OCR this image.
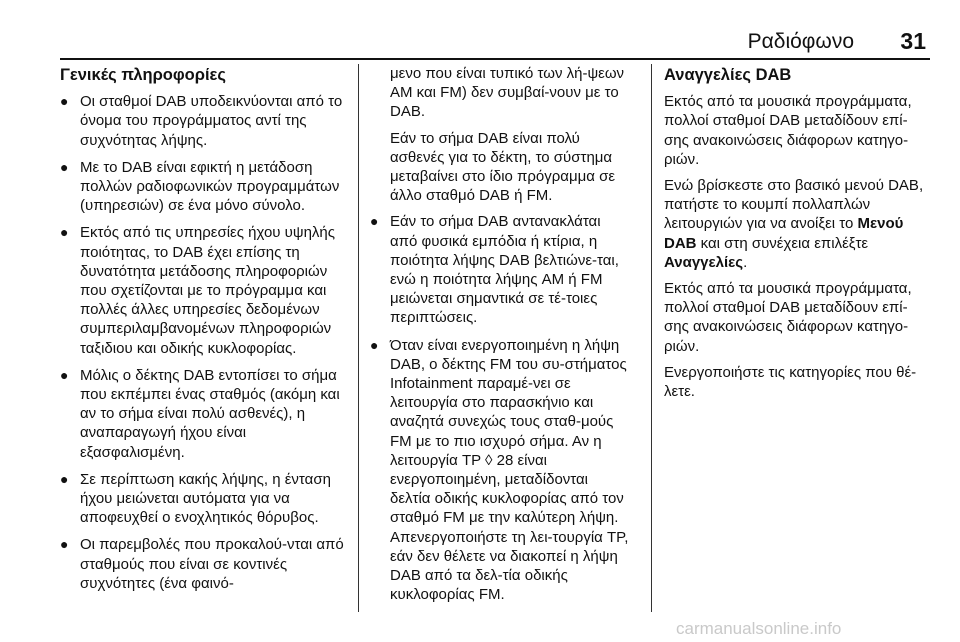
Ραδιόφωνο 31
Γενικές πληροφορίες
● Οι σταθμοί DAB υποδεικνύονται από το όνομα του προγράμματος αντί της συχνότητας λήψης.
● Με το DAB είναι εφικτή η μετάδοση πολλών ραδιοφωνικών προγραμμάτων (υπηρεσιών) σε ένα μόνο σύνολο.
● Εκτός από τις υπηρεσίες ήχου υψηλής ποιότητας, το DAB έχει επίσης τη δυνατότητα μετάδοσης πληροφοριών που σχετίζονται με το πρόγραμμα και πολλές άλλες υπηρεσίες δεδομένων συμπεριλαμβανομένων πληροφοριών ταξιδιου και οδικής κυκλοφορίας.
● Μόλις ο δέκτης DAB εντοπίσει το σήμα που εκπέμπει ένας σταθμός (ακόμη και αν το σήμα είναι πολύ ασθενές), η αναπαραγωγή ήχου είναι εξασφαλισμένη.
● Σε περίπτωση κακής λήψης, η ένταση ήχου μειώνεται αυτόματα για να αποφευχθεί ο ενοχλητικός θόρυβος.
● Οι παρεμβολές που προκαλού-νται από σταθμούς που είναι σε κοντινές συχνότητες (ένα φαινό-

μενο που είναι τυπικό των λή-ψεων AM και FM) δεν συμβαί-νουν με το DAB.

Εάν το σήμα DAB είναι πολύ ασθενές για το δέκτη, το σύστημα μεταβαίνει στο ίδιο πρόγραμμα σε άλλο σταθμό DAB ή FM.

● Εάν το σήμα DAB αντανακλάται από φυσικά εμπόδια ή κτίρια, η ποιότητα λήψης DAB βελτιώνε-ται, ενώ η ποιότητα λήψης AM ή FM μειώνεται σημαντικά σε τέ-τοιες περιπτώσεις.
● Όταν είναι ενεργοποιημένη η λήψη DAB, ο δέκτης FM του συ-στήματος Infotainment παραμέ-νει σε λειτουργία στο παρασκήνιο και αναζητά συνεχώς τους σταθ-μούς FM με το πιο ισχυρό σήμα. Αν η λειτουργία TP ◊ 28 είναι ενεργοποιημένη, μεταδίδονται δελτία οδικής κυκλοφορίας από τον σταθμό FM με την καλύτερη λήψη. Απενεργοποιήστε τη λει-τουργία TP, εάν δεν θέλετε να διακοπεί η λήψη DAB από τα δελ-τία οδικής κυκλοφορίας FM.
Αναγγελίες DAB

Εκτός από τα μουσικά προγράμματα, πολλοί σταθμοί DAB μεταδίδουν επί-σης ανακοινώσεις διάφορων κατηγο-ριών.

Ενώ βρίσκεστε στο βασικό μενού DAB, πατήστε το κουμπί πολλαπλών λειτουργιών για να ανοίξει το Μενού DAB και στη συνέχεια επιλέξτε Αναγγελίες.

Εκτός από τα μουσικά προγράμματα, πολλοί σταθμοί DAB μεταδίδουν επί-σης ανακοινώσεις διάφορων κατηγο-ριών.

Ενεργοποιήστε τις κατηγορίες που θέ-λετε.

carmanualsonline.info
